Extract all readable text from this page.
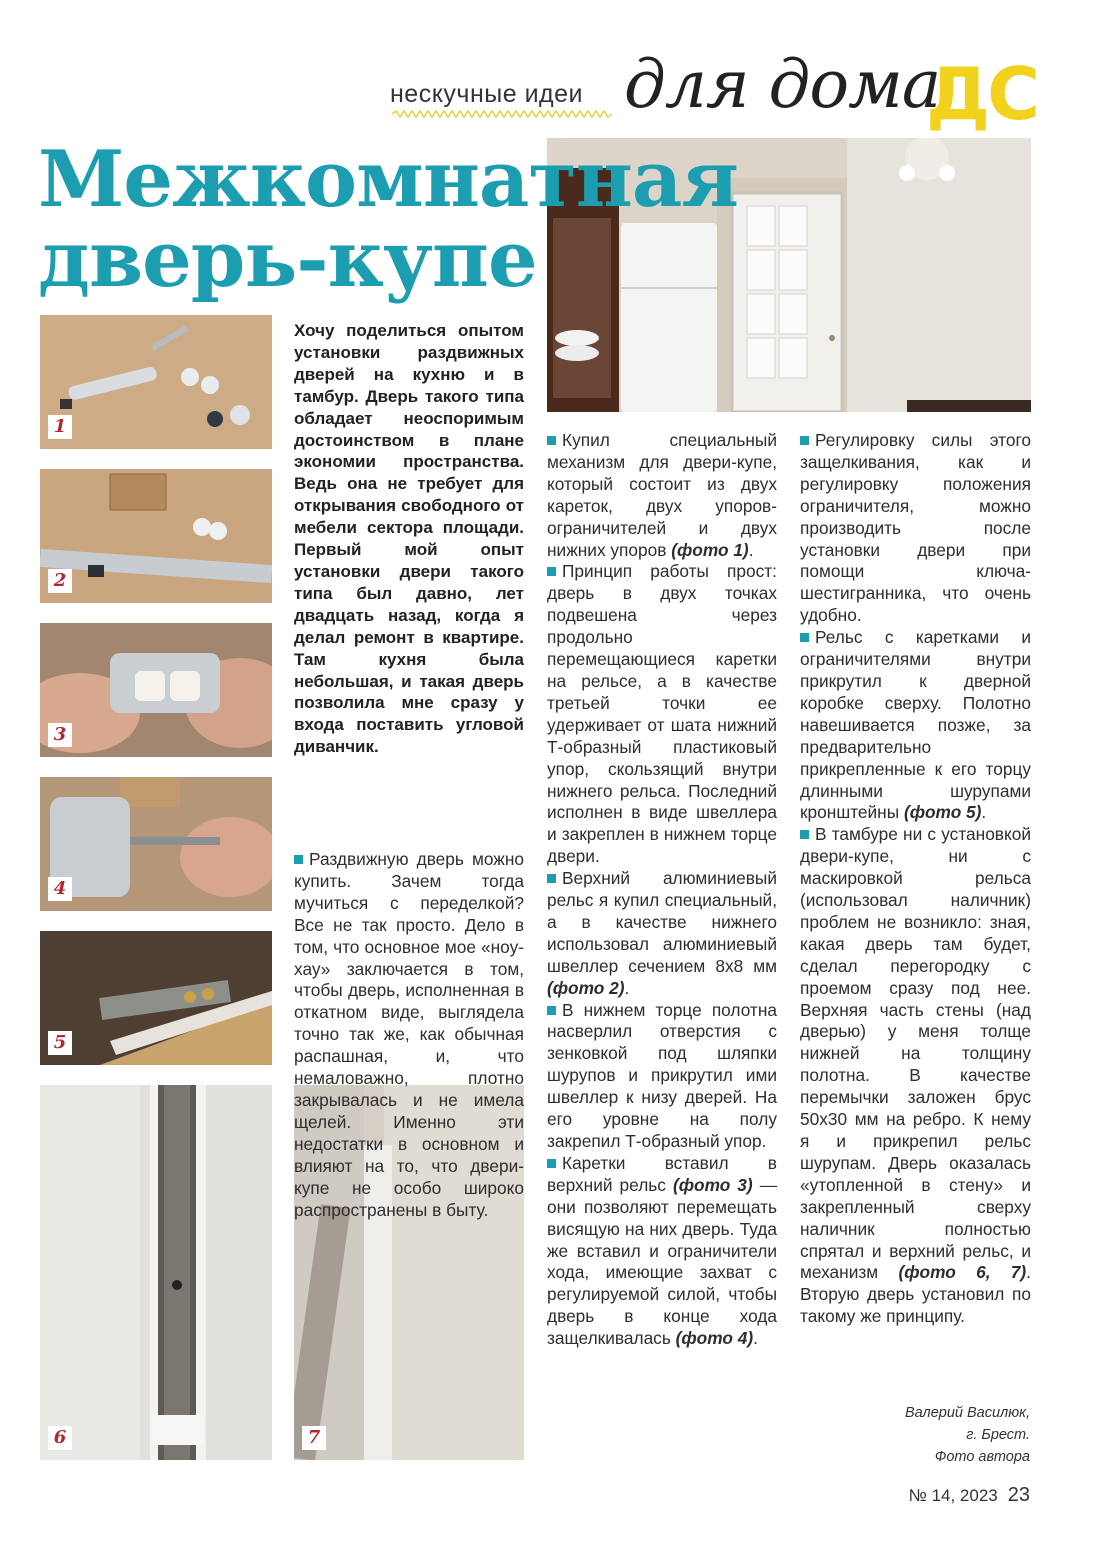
нескучные идеи для дома
ДС
Межкомнатная
дверь-купе
1
2
3
4
5
6	7
Хочу поделиться опытом установки раздвижных дверей на кухню и в тамбур. Дверь такого типа обладает неоспоримым достоинством в плане экономии пространства. Ведь она не требует для открывания свободного от мебели сектора площади. Первый мой опыт установки двери такого типа был давно, лет двадцать назад, когда я делал ремонт в квартире. Там кухня была небольшая, и такая дверь позволила мне сразу у входа поставить угловой диванчик.

Раздвижную дверь можно купить. Зачем тогда мучиться с переделкой? Все не так просто. Дело в том, что основное мое «ноу-хау» заключается в том, чтобы дверь, исполненная в откатном виде, выглядела точно так же, как обычная распашная, и, что немаловажно, плотно закрывалась и не имела щелей. Именно эти недостатки в основном и влияют на то, что двери-купе не особо широко распространены в быту.

Купил специальный механизм для двери-купе, который состоит из двух кареток, двух упоров-ограничителей и двух нижних упоров (фото 1).

Принцип работы прост: дверь в двух точках подвешена через продольно перемещающиеся каретки на рельсе, а в качестве третьей точки ее удерживает от шата нижний Т-образный пластиковый упор, скользящий внутри нижнего рельса. Последний исполнен в виде швеллера и закреплен в нижнем торце двери.

Верхний алюминиевый рельс я купил специальный, а в качестве нижнего использовал алюминиевый швеллер сечением 8x8 мм (фото 2).

В нижнем торце полотна насверлил отверстия с зенковкой под шляпки шурупов и прикрутил ими швеллер к низу дверей. На его уровне на полу закрепил Т-образный упор.

Каретки вставил в верхний рельс (фото 3) — они позволяют перемещать висящую на них дверь. Туда же вставил и ограничители хода, имеющие захват с регулируемой силой, чтобы дверь в конце хода защелкивалась (фото 4).

Регулировку силы этого защелкивания, как и регулировку положения ограничителя, можно производить после установки двери при помощи ключа-шестигранника, что очень удобно.

Рельс с каретками и ограничителями внутри прикрутил к дверной коробке сверху. Полотно навешивается позже, за предварительно прикрепленные к его торцу длинными шурупами кронштейны (фото 5).

В тамбуре ни с установкой двери-купе, ни с маскировкой рельса (использовал наличник) проблем не возникло: зная, какая дверь там будет, сделал перегородку с проемом сразу под нее. Верхняя часть стены (над дверью) у меня толще нижней на толщину полотна. В качестве перемычки заложен брус 50x30 мм на ребро. К нему я и прикрепил рельс шурупам. Дверь оказалась «утопленной в стену» и закрепленный сверху наличник полностью спрятал и верхний рельс, и механизм (фото 6, 7). Вторую дверь установил по такому же принципу.

Валерий Василюк,
г. Брест.
Фото автора
№ 14, 2023 23
